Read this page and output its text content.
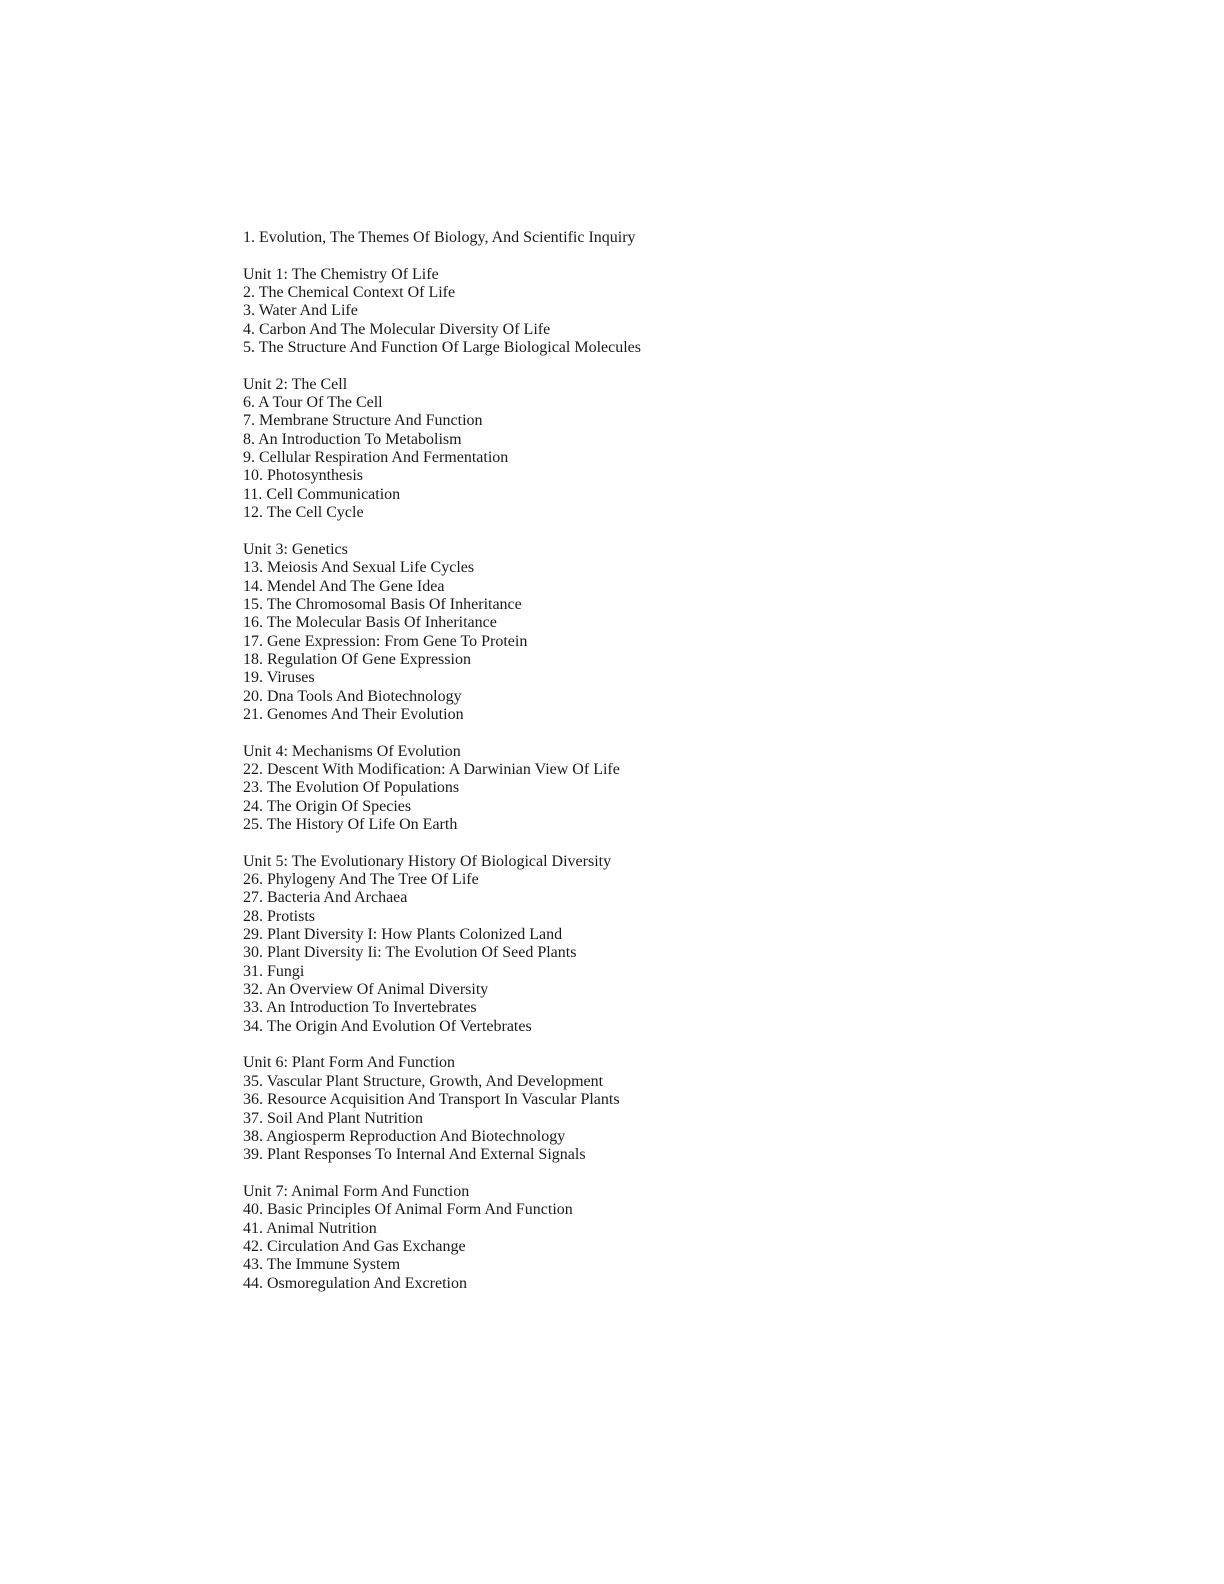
1. Evolution, The Themes Of Biology, And Scientific Inquiry
Unit 1: The Chemistry Of Life
2. The Chemical Context Of Life
3. Water And Life
4. Carbon And The Molecular Diversity Of Life
5. The Structure And Function Of Large Biological Molecules
Unit 2: The Cell
6. A Tour Of The Cell
7. Membrane Structure And Function
8. An Introduction To Metabolism
9. Cellular Respiration And Fermentation
10. Photosynthesis
11. Cell Communication
12. The Cell Cycle
Unit 3: Genetics
13. Meiosis And Sexual Life Cycles
14. Mendel And The Gene Idea
15. The Chromosomal Basis Of Inheritance
16. The Molecular Basis Of Inheritance
17. Gene Expression: From Gene To Protein
18. Regulation Of Gene Expression
19. Viruses
20. Dna Tools And Biotechnology
21. Genomes And Their Evolution
Unit 4: Mechanisms Of Evolution
22. Descent With Modification: A Darwinian View Of Life
23. The Evolution Of Populations
24. The Origin Of Species
25. The History Of Life On Earth
Unit 5: The Evolutionary History Of Biological Diversity
26. Phylogeny And The Tree Of Life
27. Bacteria And Archaea
28. Protists
29. Plant Diversity I: How Plants Colonized Land
30. Plant Diversity Ii: The Evolution Of Seed Plants
31. Fungi
32. An Overview Of Animal Diversity
33. An Introduction To Invertebrates
34. The Origin And Evolution Of Vertebrates
Unit 6: Plant Form And Function
35. Vascular Plant Structure, Growth, And Development
36. Resource Acquisition And Transport In Vascular Plants
37. Soil And Plant Nutrition
38. Angiosperm Reproduction And Biotechnology
39. Plant Responses To Internal And External Signals
Unit 7: Animal Form And Function
40. Basic Principles Of Animal Form And Function
41. Animal Nutrition
42. Circulation And Gas Exchange
43. The Immune System
44. Osmoregulation And Excretion
